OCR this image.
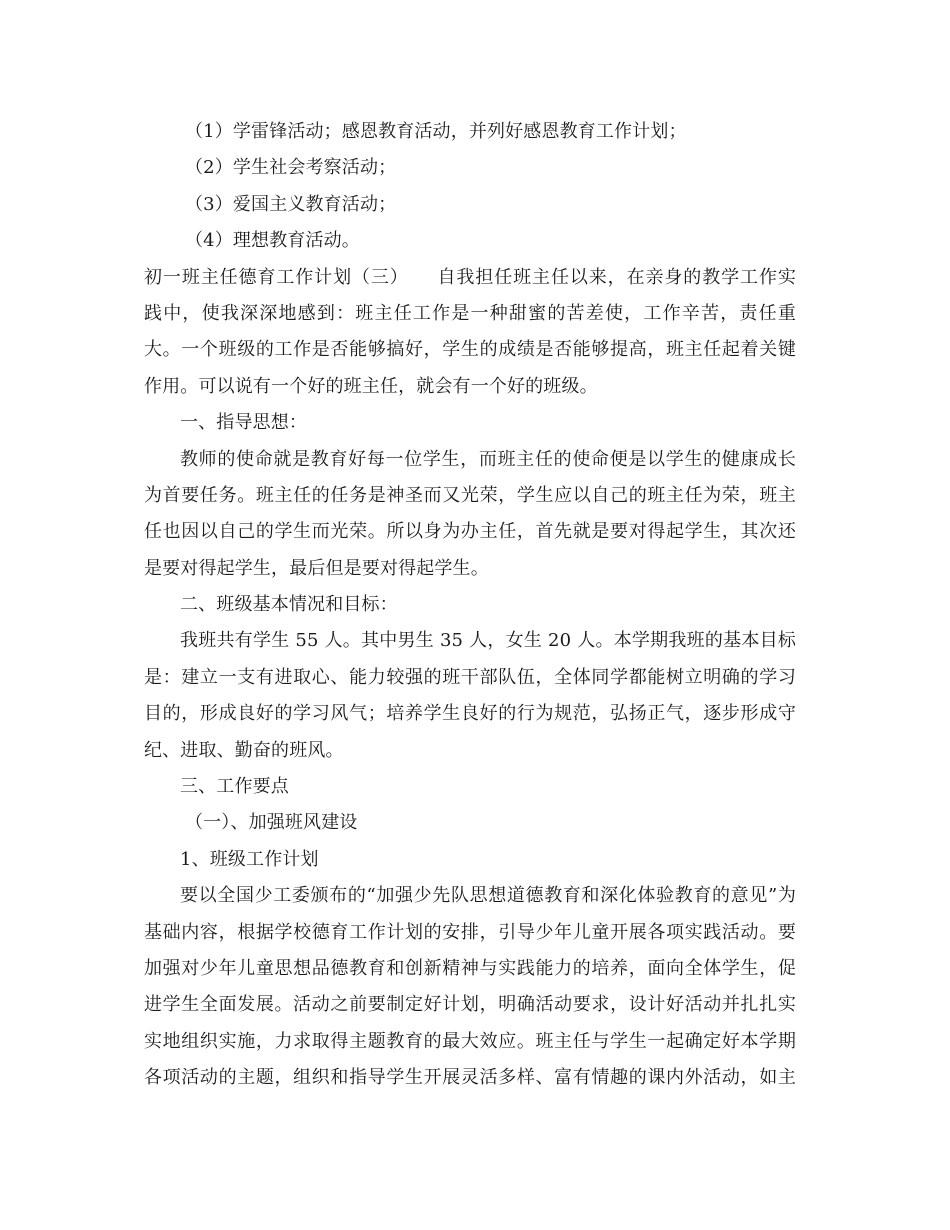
（1）学雷锋活动；感恩教育活动，并列好感恩教育工作计划；
（2）学生社会考察活动；
（3）爱国主义教育活动；
（4）理想教育活动。
初一班主任德育工作计划（三）　　自我担任班主任以来，在亲身的教学工作实
践中，使我深深地感到：班主任工作是一种甜蜜的苦差使，工作辛苦，责任重
大。一个班级的工作是否能够搞好，学生的成绩是否能够提高，班主任起着关键
作用。可以说有一个好的班主任，就会有一个好的班级。
一、指导思想：
教师的使命就是教育好每一位学生，而班主任的使命便是以学生的健康成长
为首要任务。班主任的任务是神圣而又光荣，学生应以自己的班主任为荣，班主
任也因以自己的学生而光荣。所以身为办主任，首先就是要对得起学生，其次还
是要对得起学生，最后但是要对得起学生。
二、班级基本情况和目标：
我班共有学生 55 人。其中男生 35 人，女生 20 人。本学期我班的基本目标
是：建立一支有进取心、能力较强的班干部队伍，全体同学都能树立明确的学习
目的，形成良好的学习风气；培养学生良好的行为规范，弘扬正气，逐步形成守
纪、进取、勤奋的班风。
三、工作要点
（一）、加强班风建设
1、班级工作计划
要以全国少工委颁布的“加强少先队思想道德教育和深化体验教育的意见”为
基础内容，根据学校德育工作计划的安排，引导少年儿童开展各项实践活动。要
加强对少年儿童思想品德教育和创新精神与实践能力的培养，面向全体学生，促
进学生全面发展。活动之前要制定好计划，明确活动要求，设计好活动并扎扎实
实地组织实施，力求取得主题教育的最大效应。班主任与学生一起确定好本学期
各项活动的主题，组织和指导学生开展灵活多样、富有情趣的课内外活动，如主
